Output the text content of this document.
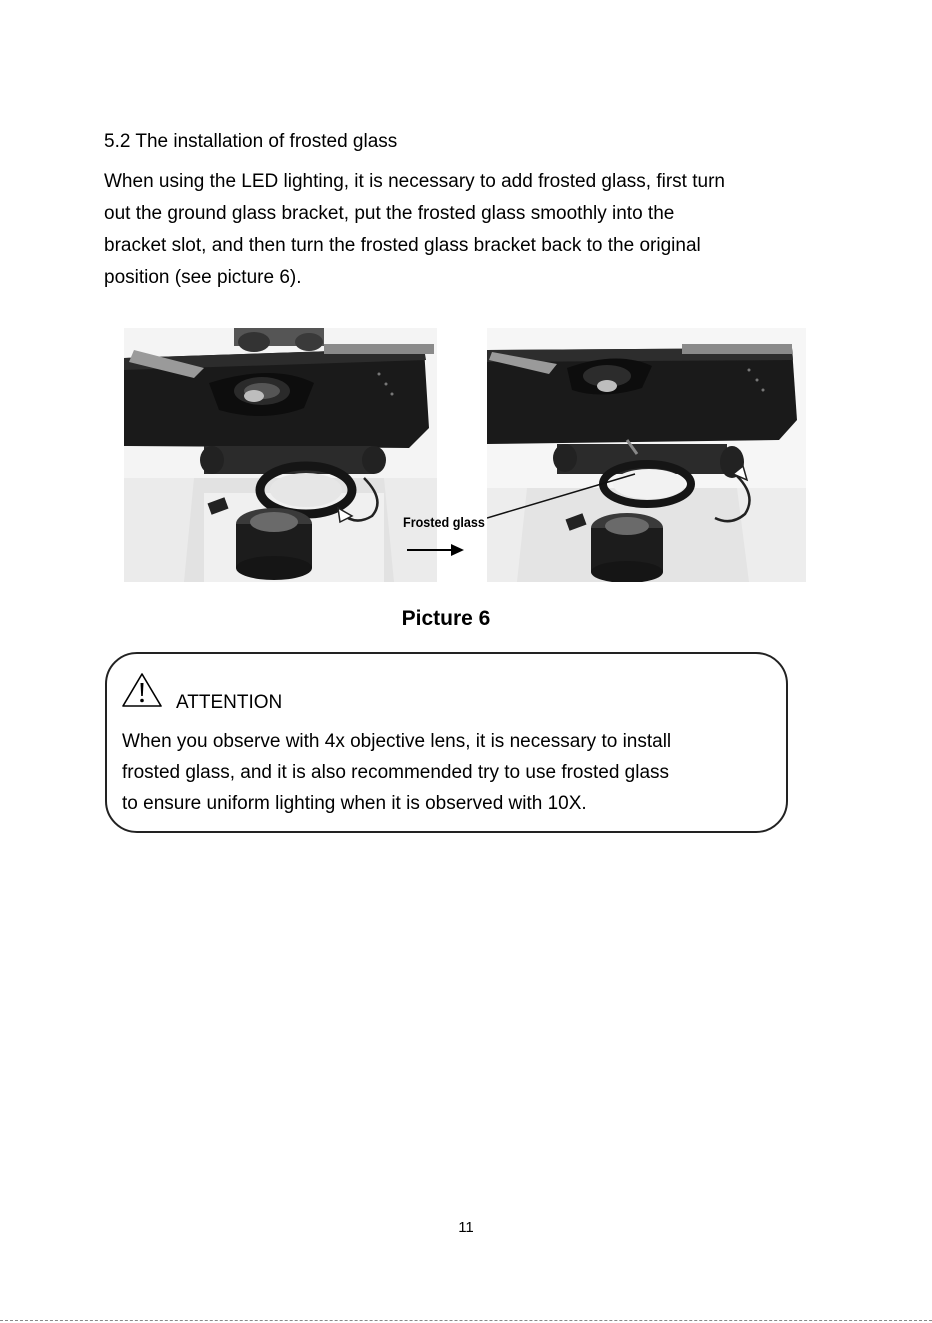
5.2 The installation of frosted glass
When using the LED lighting, it is necessary to add frosted glass, first turn
out the ground glass bracket, put the frosted glass smoothly into the
bracket slot, and then turn the frosted glass bracket back to the original
position (see picture 6).
Frosted glass
Picture 6
ATTENTION
When you observe with 4x objective lens, it is necessary to install
frosted glass, and it is also recommended try to use frosted glass
to ensure uniform lighting when it is observed with 10X.
11
